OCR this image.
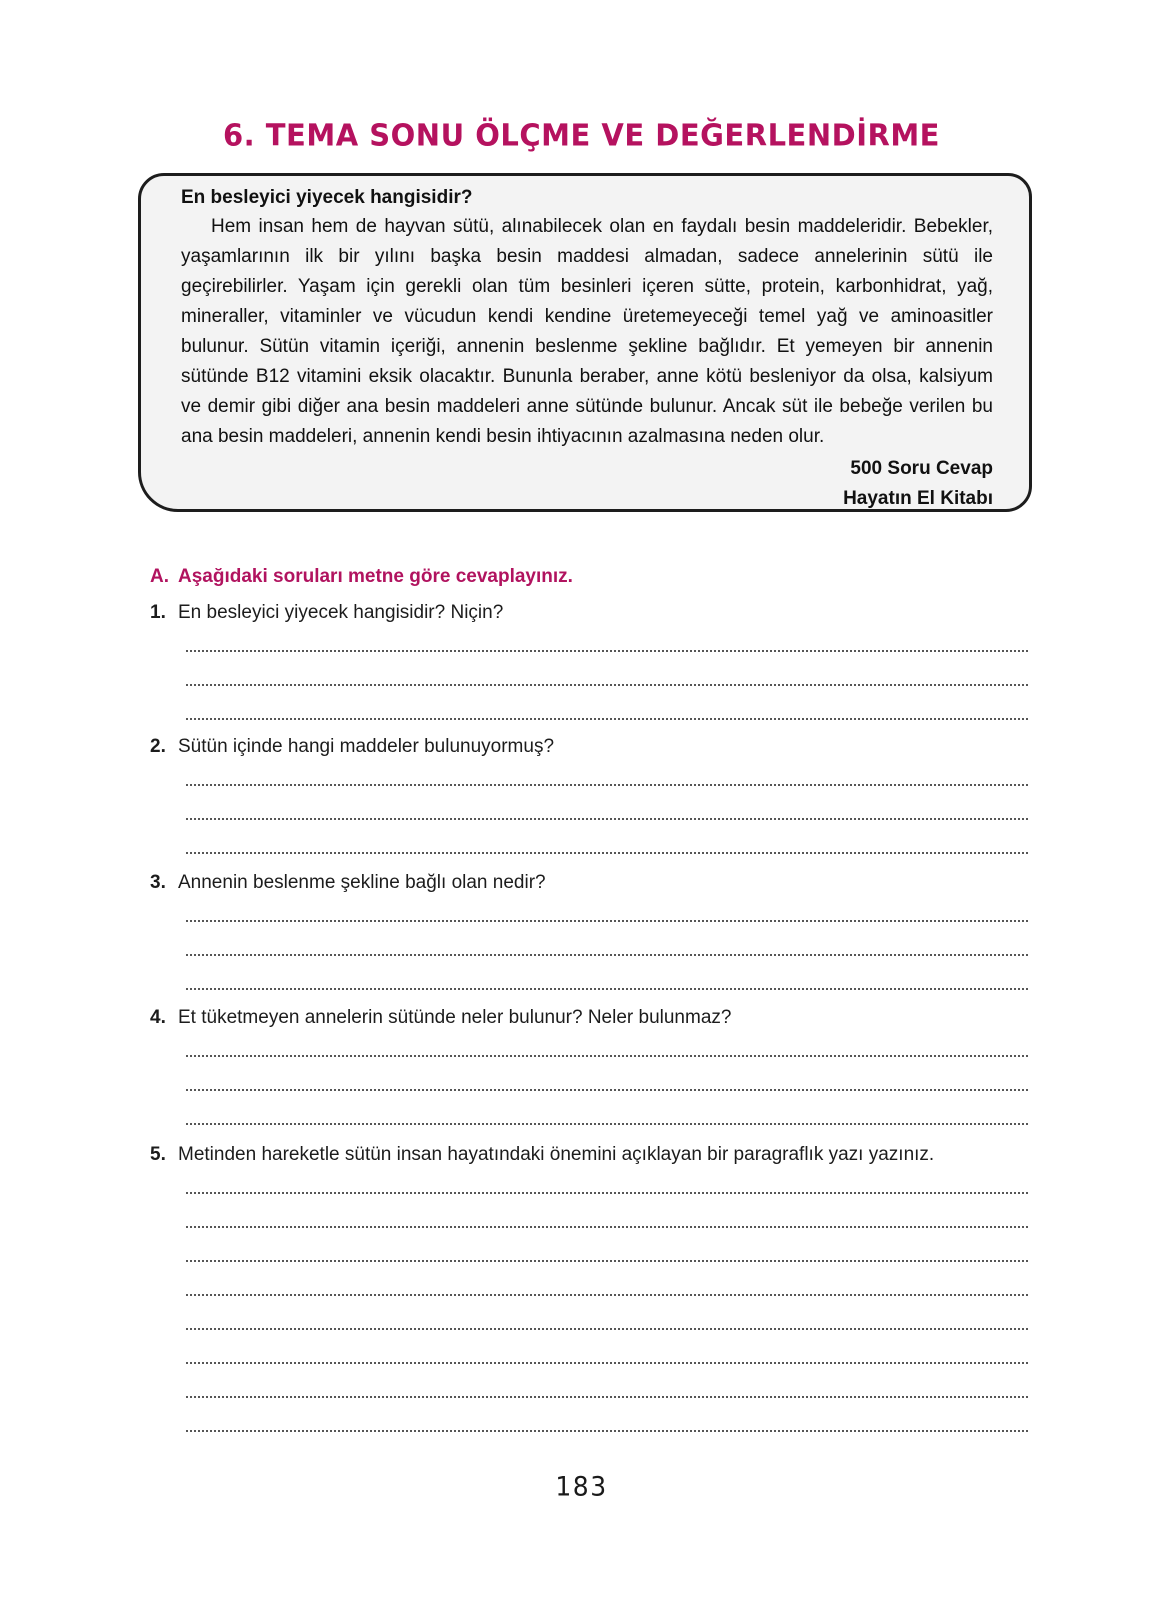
6. TEMA SONU ÖLÇME VE DEĞERLENDİRME

En besleyici yiyecek hangisidir?

Hem insan hem de hayvan sütü, alınabilecek olan en faydalı besin maddeleridir. Bebekler, yaşamlarının ilk bir yılını başka besin maddesi almadan, sadece annelerinin sütü ile geçirebilirler. Yaşam için gerekli olan tüm besinleri içeren sütte, protein, karbonhidrat, yağ, mineraller, vitaminler ve vücudun kendi kendine üretemeyeceği temel yağ ve aminoasitler bulunur. Sütün vitamin içeriği, annenin beslenme şekline bağlıdır. Et yemeyen bir annenin sütünde B12 vitamini eksik olacaktır. Bununla beraber, anne kötü besleniyor da olsa, kalsiyum ve demir gibi diğer ana besin maddeleri anne sütünde bulunur. Ancak süt ile bebeğe verilen bu ana besin maddeleri, annenin kendi besin ihtiyacının azalmasına neden olur.

500 Soru Cevap
Hayatın El Kitabı

A. Aşağıdaki soruları metne göre cevaplayınız.
1. En besleyici yiyecek hangisidir? Niçin?
2. Sütün içinde hangi maddeler bulunuyormuş?
3. Annenin beslenme şekline bağlı olan nedir?
4. Et tüketmeyen annelerin sütünde neler bulunur? Neler bulunmaz?
5. Metinden hareketle sütün insan hayatındaki önemini açıklayan bir paragraflık yazı yazınız.
183
